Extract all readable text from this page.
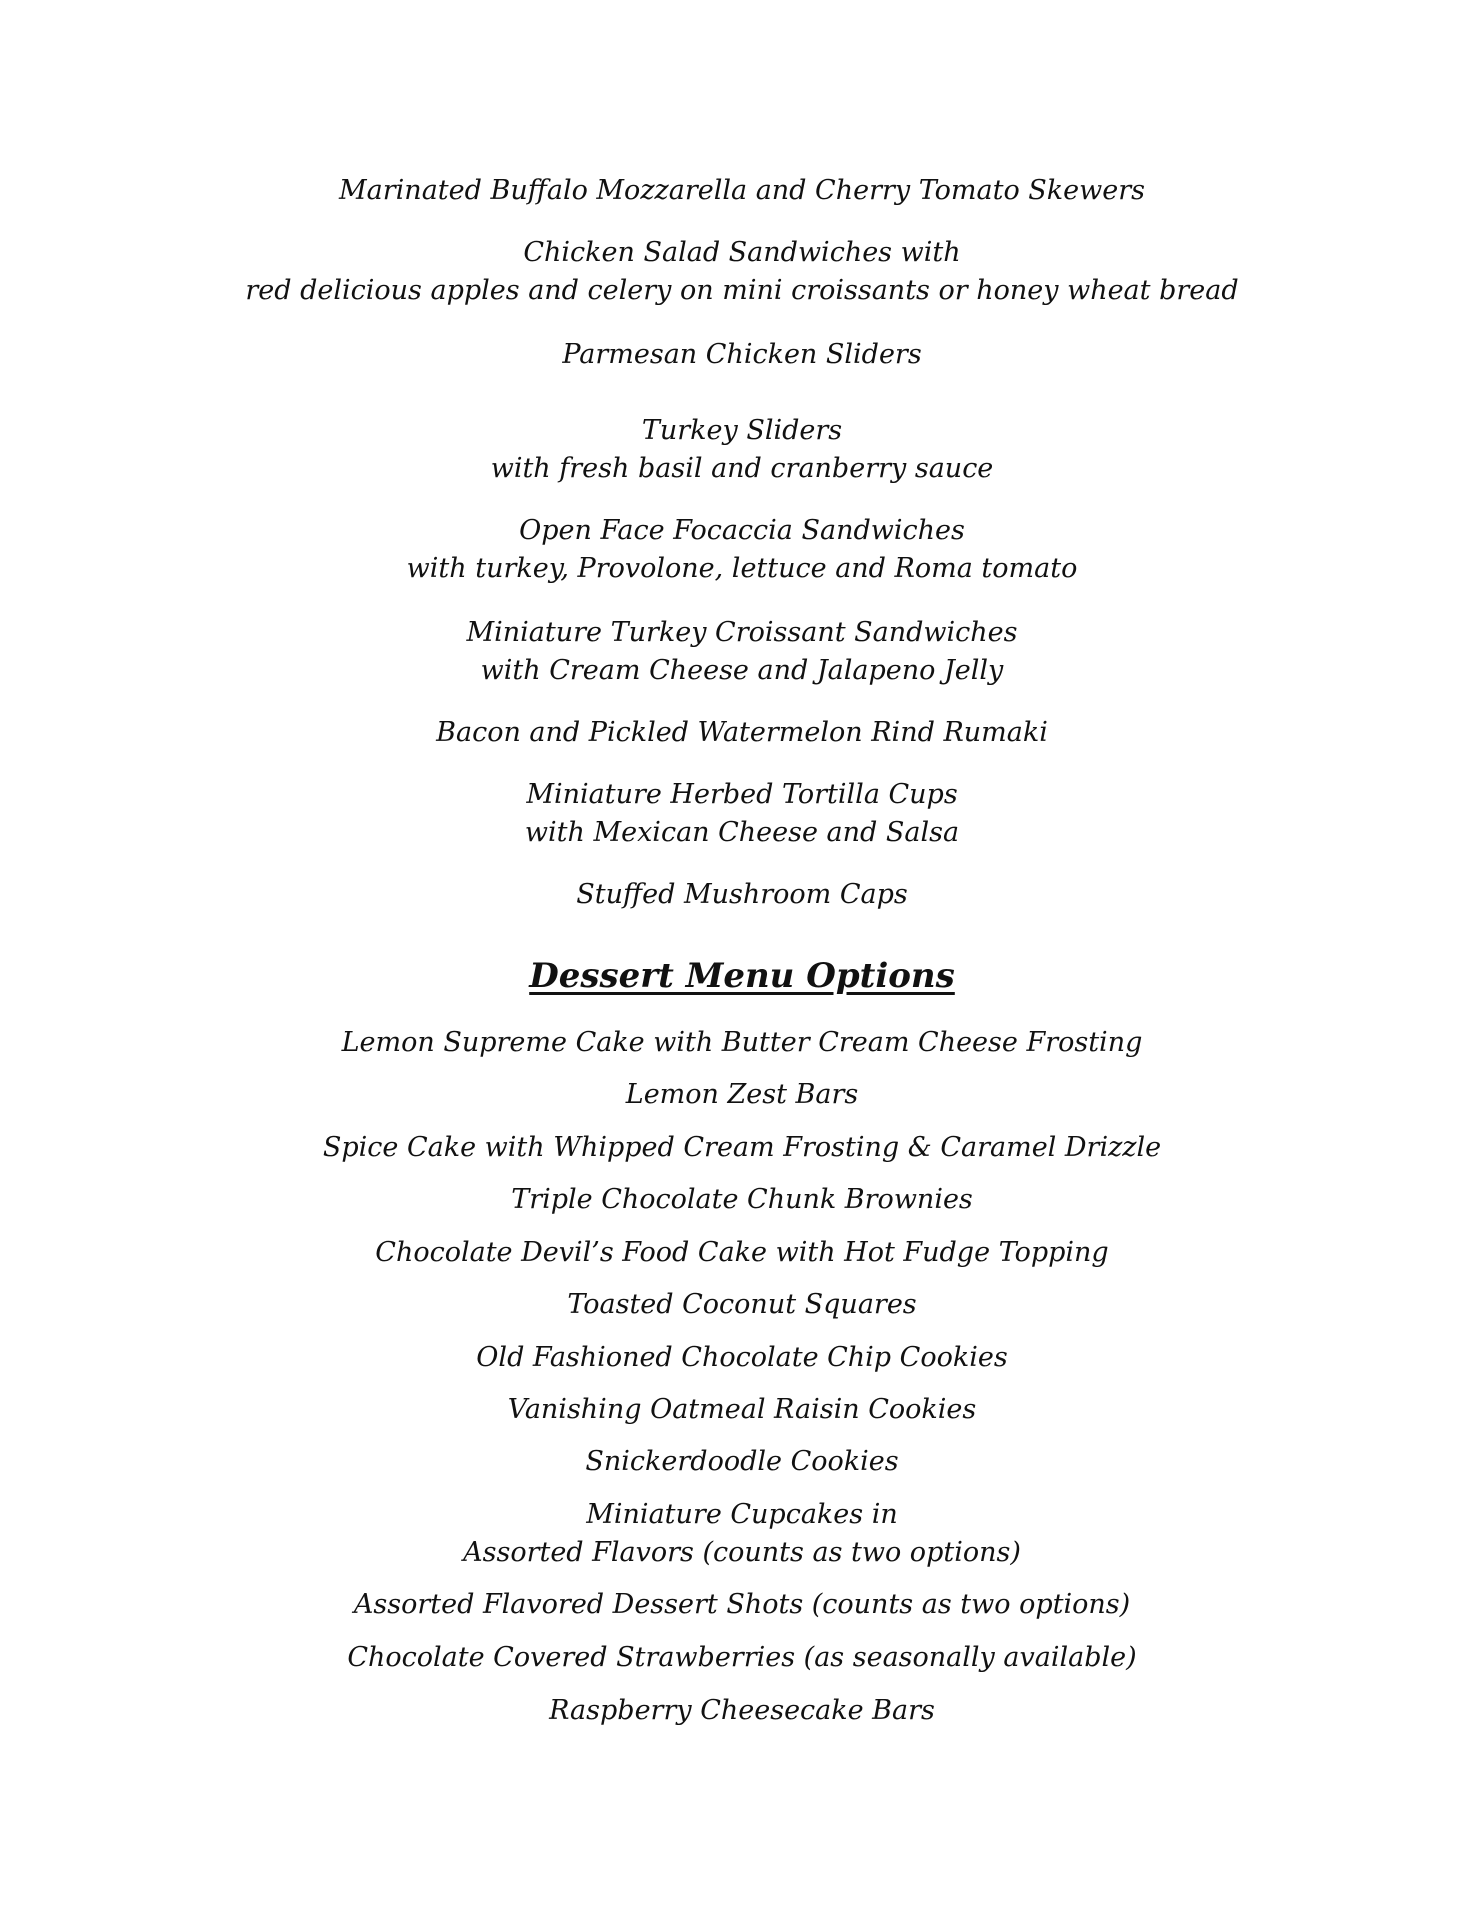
Marinated Buffalo Mozzarella and Cherry Tomato Skewers
Chicken Salad Sandwiches with
red delicious apples and celery on mini croissants or honey wheat bread
Parmesan Chicken Sliders
Turkey Sliders
with fresh basil and cranberry sauce
Open Face Focaccia Sandwiches
with turkey, Provolone, lettuce and Roma tomato
Miniature Turkey Croissant Sandwiches
with Cream Cheese and Jalapeno Jelly
Bacon and Pickled Watermelon Rind Rumaki
Miniature Herbed Tortilla Cups
with Mexican Cheese and Salsa
Stuffed Mushroom Caps
Dessert Menu Options
Lemon Supreme Cake with Butter Cream Cheese Frosting
Lemon Zest Bars
Spice Cake with Whipped Cream Frosting & Caramel Drizzle
Triple Chocolate Chunk Brownies
Chocolate Devil’s Food Cake with Hot Fudge Topping
Toasted Coconut Squares
Old Fashioned Chocolate Chip Cookies
Vanishing Oatmeal Raisin Cookies
Snickerdoodle Cookies
Miniature Cupcakes in
Assorted Flavors (counts as two options)
Assorted Flavored Dessert Shots (counts as two options)
Chocolate Covered Strawberries (as seasonally available)
Raspberry Cheesecake Bars
